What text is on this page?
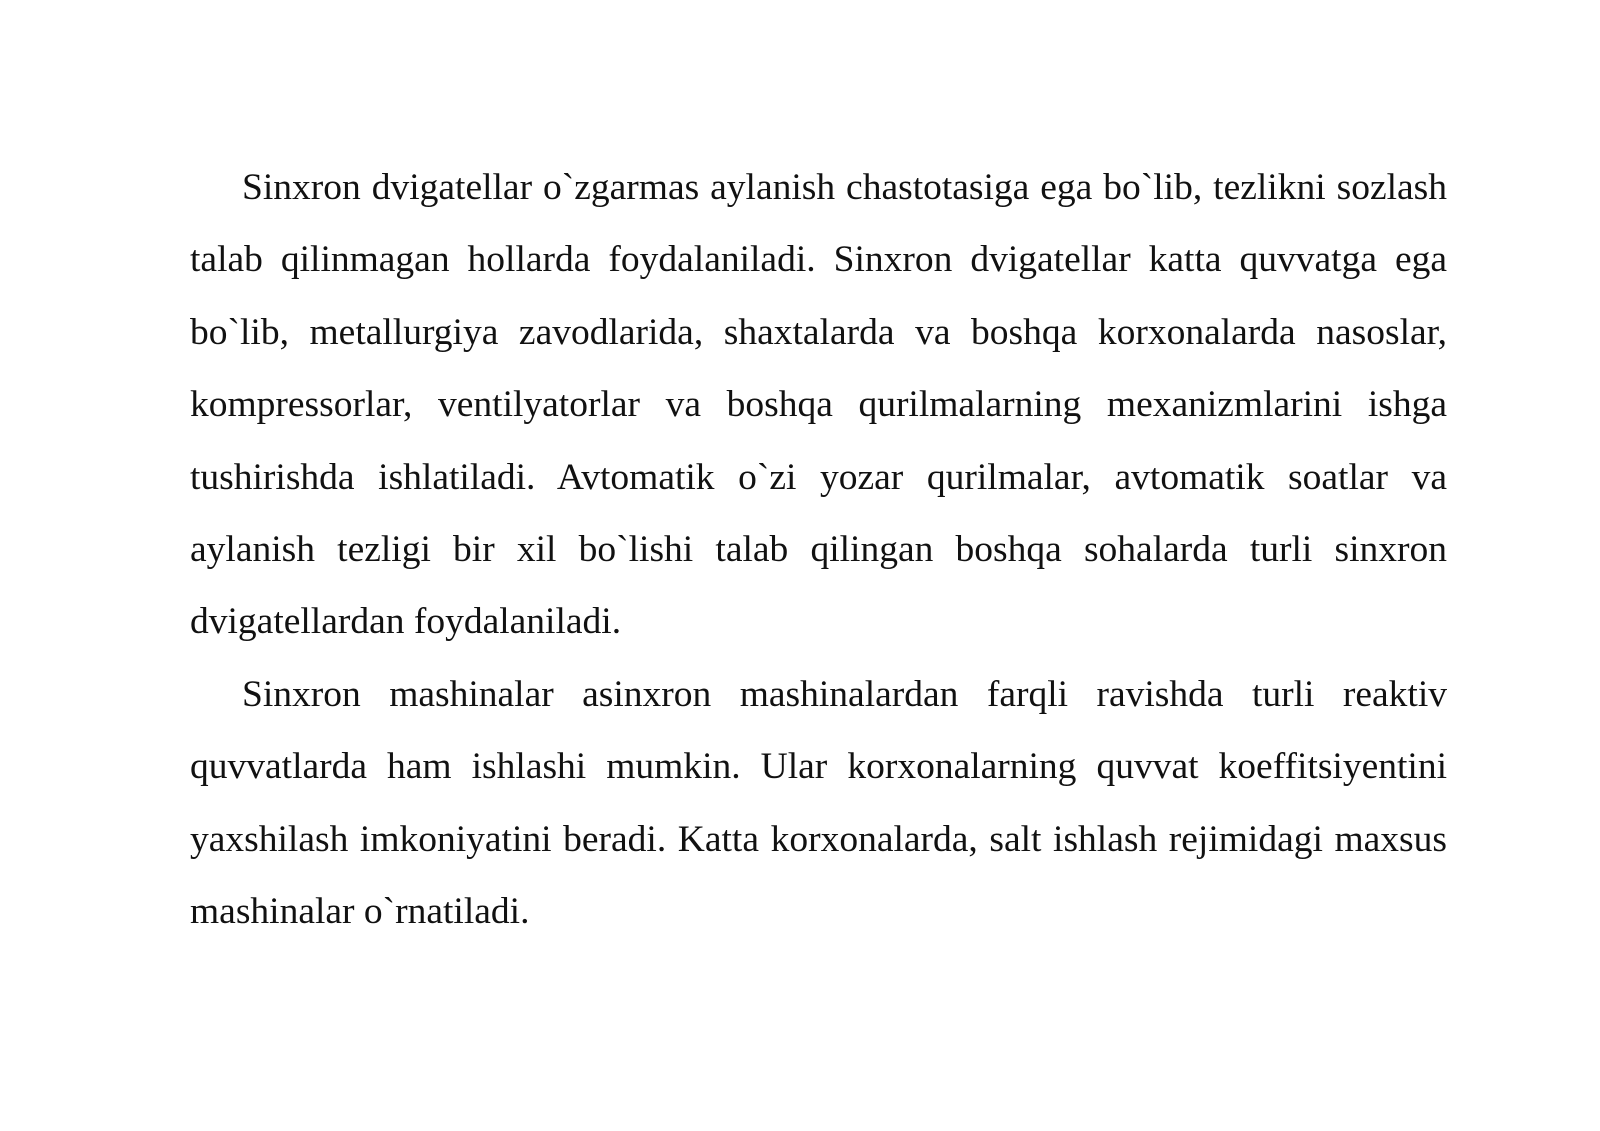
Sinxron dvigatellar o`zgarmas aylanish chastotasiga ega bo`lib, tezlikni sozlash talab qilinmagan hollarda foydalaniladi. Sinxron dvigatellar katta quvvatga ega bo`lib, metallurgiya zavodlarida, shaxtalarda va boshqa korxonalarda nasoslar, kompressorlar, ventilyatorlar va boshqa qurilmalarning mexanizmlarini ishga tushirishda ishlatiladi. Avtomatik o`zi yozar qurilmalar, avtomatik soatlar va aylanish tezligi bir xil bo`lishi talab qilingan boshqa sohalarda turli sinxron dvigatellardan foydalaniladi.

Sinxron mashinalar asinxron mashinalardan farqli ravishda turli reaktiv quvvatlarda ham ishlashi mumkin. Ular korxonalarning quvvat koeffitsiyentini yaxshilash imkoniyatini beradi. Katta korxonalarda, salt ishlash rejimidagi maxsus mashinalar o`rnatiladi.
